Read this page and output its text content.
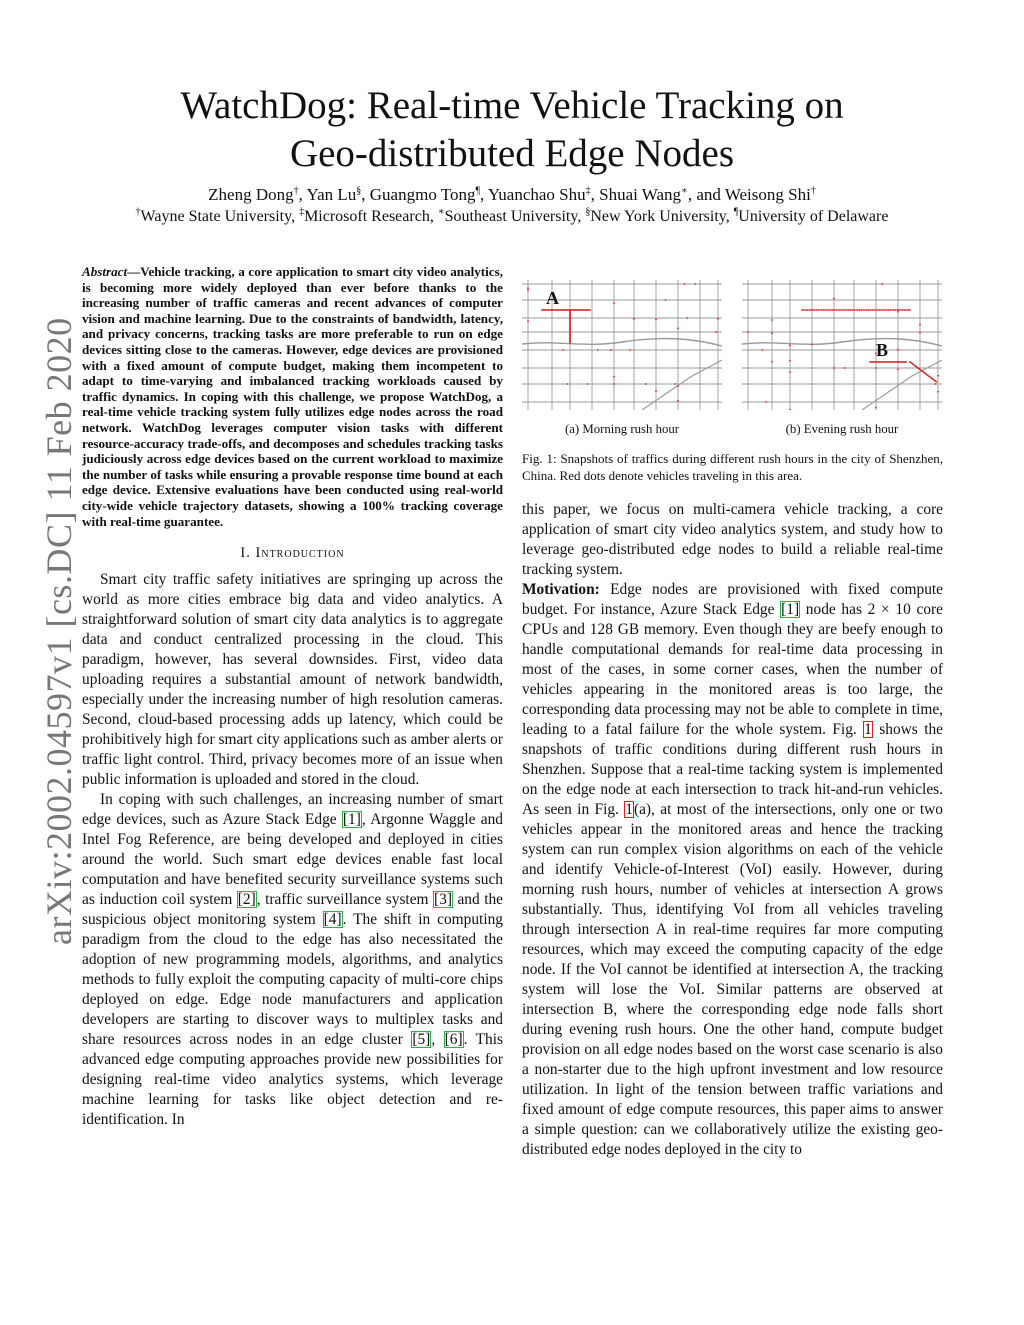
arXiv:2002.04597v1 [cs.DC] 11 Feb 2020
WatchDog: Real-time Vehicle Tracking on
Geo-distributed Edge Nodes
Zheng Dong†, Yan Lu§, Guangmo Tong¶, Yuanchao Shu‡, Shuai Wang∗, and Weisong Shi†
†Wayne State University, ‡Microsoft Research, ∗Southeast University, §New York University, ¶University of Delaware

Abstract—Vehicle tracking, a core application to smart city video analytics, is becoming more widely deployed than ever before thanks to the increasing number of traffic cameras and recent advances of computer vision and machine learning. Due to the constraints of bandwidth, latency, and privacy concerns, tracking tasks are more preferable to run on edge devices sitting close to the cameras. However, edge devices are provisioned with a fixed amount of compute budget, making them incompetent to adapt to time-varying and imbalanced tracking workloads caused by traffic dynamics. In coping with this challenge, we propose WatchDog, a real-time vehicle tracking system fully utilizes edge nodes across the road network. WatchDog leverages computer vision tasks with different resource-accuracy trade-offs, and decomposes and schedules tracking tasks judiciously across edge devices based on the current workload to maximize the number of tasks while ensuring a provable response time bound at each edge device. Extensive evaluations have been conducted using real-world city-wide vehicle trajectory datasets, showing a 100% tracking coverage with real-time guarantee.

I. Introduction

Smart city traffic safety initiatives are springing up across the world as more cities embrace big data and video analytics. A straightforward solution of smart city data analytics is to aggregate data and conduct centralized processing in the cloud. This paradigm, however, has several downsides. First, video data uploading requires a substantial amount of network bandwidth, especially under the increasing number of high resolution cameras. Second, cloud-based processing adds up latency, which could be prohibitively high for smart city applications such as amber alerts or traffic light control. Third, privacy becomes more of an issue when public information is uploaded and stored in the cloud.

In coping with such challenges, an increasing number of smart edge devices, such as Azure Stack Edge [1], Argonne Waggle and Intel Fog Reference, are being developed and deployed in cities around the world. Such smart edge devices enable fast local computation and have benefited security surveillance systems such as induction coil system [2], traffic surveillance system [3] and the suspicious object monitoring system [4]. The shift in computing paradigm from the cloud to the edge has also necessitated the adoption of new programming models, algorithms, and analytics methods to fully exploit the computing capacity of multi-core chips deployed on edge. Edge node manufacturers and application developers are starting to discover ways to multiplex tasks and share resources across nodes in an edge cluster [5], [6]. This advanced edge computing approaches provide new possibilities for designing real-time video analytics systems, which leverage machine learning for tasks like object detection and re-identification. In

A
(a) Morning rush hour
B
(b) Evening rush hour
Fig. 1: Snapshots of traffics during different rush hours in the city of Shenzhen, China. Red dots denote vehicles traveling in this area.

this paper, we focus on multi-camera vehicle tracking, a core application of smart city video analytics system, and study how to leverage geo-distributed edge nodes to build a reliable real-time tracking system.

Motivation: Edge nodes are provisioned with fixed compute budget. For instance, Azure Stack Edge [1] node has 2 × 10 core CPUs and 128 GB memory. Even though they are beefy enough to handle computational demands for real-time data processing in most of the cases, in some corner cases, when the number of vehicles appearing in the monitored areas is too large, the corresponding data processing may not be able to complete in time, leading to a fatal failure for the whole system. Fig. 1 shows the snapshots of traffic conditions during different rush hours in Shenzhen. Suppose that a real-time tacking system is implemented on the edge node at each intersection to track hit-and-run vehicles. As seen in Fig. 1(a), at most of the intersections, only one or two vehicles appear in the monitored areas and hence the tracking system can run complex vision algorithms on each of the vehicle and identify Vehicle-of-Interest (VoI) easily. However, during morning rush hours, number of vehicles at intersection A grows substantially. Thus, identifying VoI from all vehicles traveling through intersection A in real-time requires far more computing resources, which may exceed the computing capacity of the edge node. If the VoI cannot be identified at intersection A, the tracking system will lose the VoI. Similar patterns are observed at intersection B, where the corresponding edge node falls short during evening rush hours. One the other hand, compute budget provision on all edge nodes based on the worst case scenario is also a non-starter due to the high upfront investment and low resource utilization. In light of the tension between traffic variations and fixed amount of edge compute resources, this paper aims to answer a simple question: can we collaboratively utilize the existing geo-distributed edge nodes deployed in the city to
